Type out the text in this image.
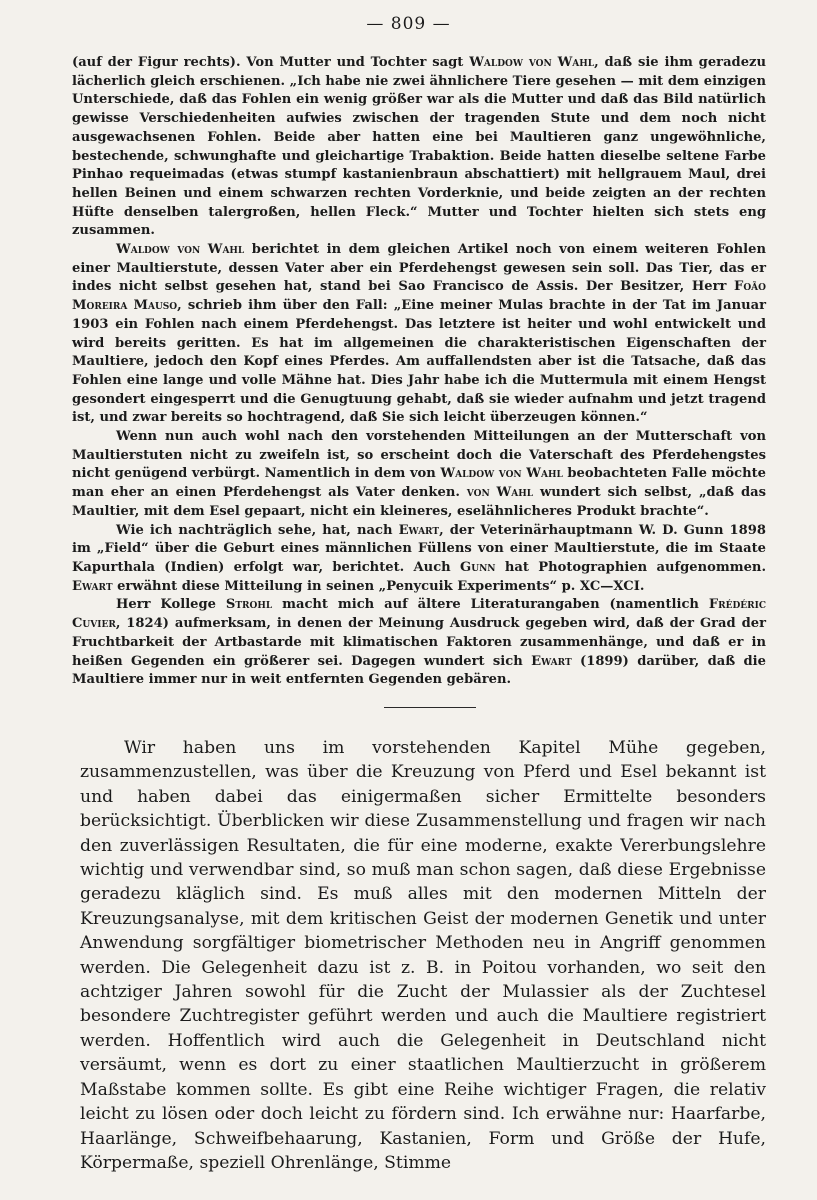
— 809 —

(auf der Figur rechts). Von Mutter und Tochter sagt Waldow von Wahl, daß sie ihm geradezu lächerlich gleich erschienen. „Ich habe nie zwei ähnlichere Tiere gesehen — mit dem einzigen Unterschiede, daß das Fohlen ein wenig größer war als die Mutter und daß das Bild natürlich gewisse Verschiedenheiten aufwies zwischen der tragenden Stute und dem noch nicht ausgewachsenen Fohlen. Beide aber hatten eine bei Maultieren ganz ungewöhnliche, bestechende, schwunghafte und gleichartige Trabaktion. Beide hatten dieselbe seltene Farbe Pinhao requeimadas (etwas stumpf kastanienbraun abschattiert) mit hellgrauem Maul, drei hellen Beinen und einem schwarzen rechten Vorderknie, und beide zeigten an der rechten Hüfte denselben talergroßen, hellen Fleck.“ Mutter und Tochter hielten sich stets eng zusammen.

Waldow von Wahl berichtet in dem gleichen Artikel noch von einem weiteren Fohlen einer Maultierstute, dessen Vater aber ein Pferdehengst gewesen sein soll. Das Tier, das er indes nicht selbst gesehen hat, stand bei Sao Francisco de Assis. Der Besitzer, Herr Foão Moreira Mauso, schrieb ihm über den Fall: „Eine meiner Mulas brachte in der Tat im Januar 1903 ein Fohlen nach einem Pferdehengst. Das letztere ist heiter und wohl entwickelt und wird bereits geritten. Es hat im allgemeinen die charakteristischen Eigenschaften der Maultiere, jedoch den Kopf eines Pferdes. Am auffallendsten aber ist die Tatsache, daß das Fohlen eine lange und volle Mähne hat. Dies Jahr habe ich die Muttermula mit einem Hengst gesondert eingesperrt und die Genugtuung gehabt, daß sie wieder aufnahm und jetzt tragend ist, und zwar bereits so hochtragend, daß Sie sich leicht überzeugen können.“

Wenn nun auch wohl nach den vorstehenden Mitteilungen an der Mutterschaft von Maultierstuten nicht zu zweifeln ist, so erscheint doch die Vaterschaft des Pferdehengstes nicht genügend verbürgt. Namentlich in dem von Waldow von Wahl beobachteten Falle möchte man eher an einen Pferdehengst als Vater denken. von Wahl wundert sich selbst, „daß das Maultier, mit dem Esel gepaart, nicht ein kleineres, eselähnlicheres Produkt brachte“.

Wie ich nachträglich sehe, hat, nach Ewart, der Veterinärhauptmann W. D. Gunn 1898 im „Field“ über die Geburt eines männlichen Füllens von einer Maultierstute, die im Staate Kapurthala (Indien) erfolgt war, berichtet. Auch Gunn hat Photographien aufgenommen. Ewart erwähnt diese Mitteilung in seinen „Penycuik Experiments“ p. XC—XCI.

Herr Kollege Strohl macht mich auf ältere Literaturangaben (namentlich Frédéric Cuvier, 1824) aufmerksam, in denen der Meinung Ausdruck gegeben wird, daß der Grad der Fruchtbarkeit der Artbastarde mit klimatischen Faktoren zusammenhänge, und daß er in heißen Gegenden ein größerer sei. Dagegen wundert sich Ewart (1899) darüber, daß die Maultiere immer nur in weit entfernten Gegenden gebären.

Wir haben uns im vorstehenden Kapitel Mühe gegeben, zusammenzustellen, was über die Kreuzung von Pferd und Esel bekannt ist und haben dabei das einigermaßen sicher Ermittelte besonders berücksichtigt. Überblicken wir diese Zusammenstellung und fragen wir nach den zuverlässigen Resultaten, die für eine moderne, exakte Vererbungslehre wichtig und verwendbar sind, so muß man schon sagen, daß diese Ergebnisse geradezu kläglich sind. Es muß alles mit den modernen Mitteln der Kreuzungsanalyse, mit dem kritischen Geist der modernen Genetik und unter Anwendung sorgfältiger biometrischer Methoden neu in Angriff genommen werden. Die Gelegenheit dazu ist z. B. in Poitou vorhanden, wo seit den achtziger Jahren sowohl für die Zucht der Mulassier als der Zuchtesel besondere Zuchtregister geführt werden und auch die Maultiere registriert werden. Hoffentlich wird auch die Gelegenheit in Deutschland nicht versäumt, wenn es dort zu einer staatlichen Maultierzucht in größerem Maßstabe kommen sollte. Es gibt eine Reihe wichtiger Fragen, die relativ leicht zu lösen oder doch leicht zu fördern sind. Ich erwähne nur: Haarfarbe, Haarlänge, Schweifbehaarung, Kastanien, Form und Größe der Hufe, Körpermaße, speziell Ohrenlänge, Stimme
